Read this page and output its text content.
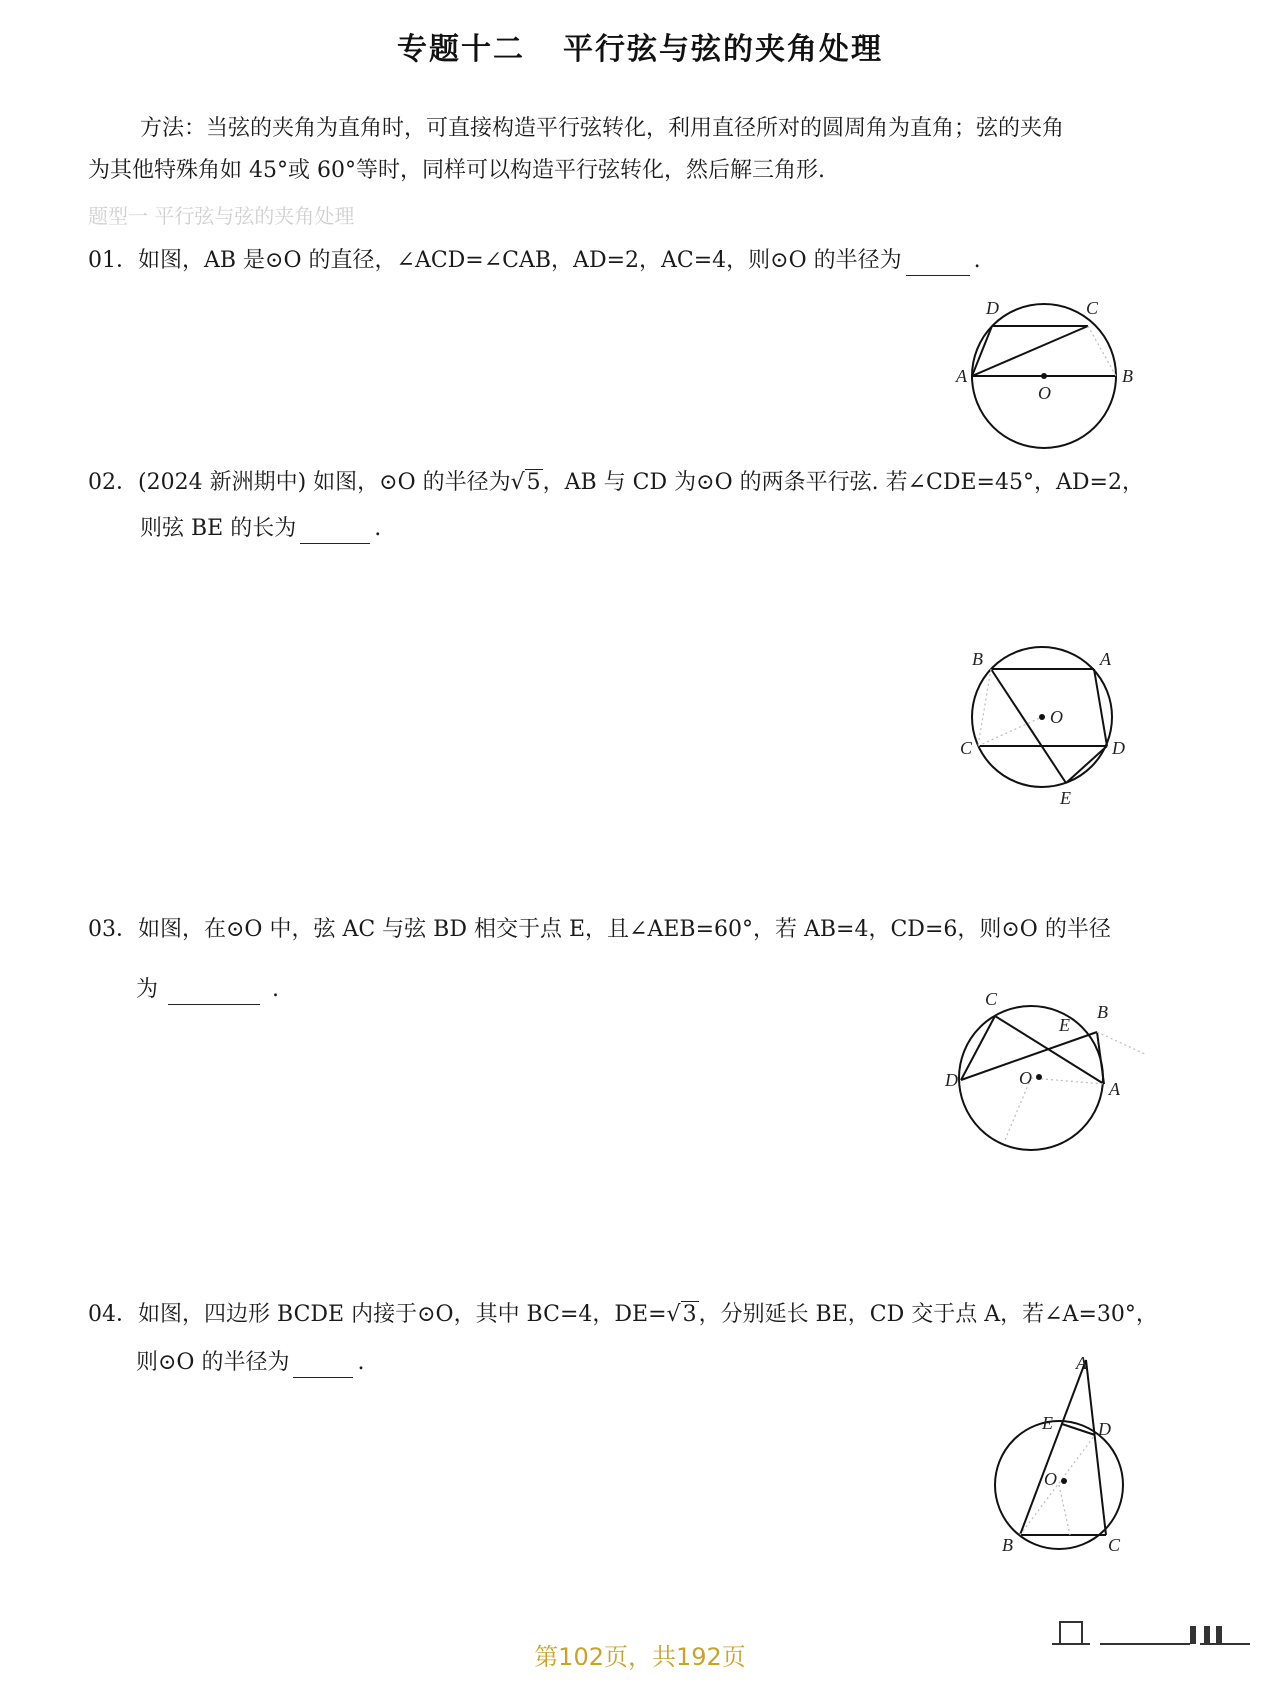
专题十二 平行弦与弦的夹角处理
方法：当弦的夹角为直角时，可直接构造平行弦转化，利用直径所对的圆周角为直角；弦的夹角
为其他特殊角如 45°或 60°等时，同样可以构造平行弦转化，然后解三角形.
题型一 平行弦与弦的夹角处理
01．如图，AB 是⊙O 的直径，∠ACD=∠CAB，AD=2，AC=4，则⊙O 的半径为	.
D	C
A
O
B
02．(2024 新洲期中) 如图，⊙O 的半径为√5，AB 与 CD 为⊙O 的两条平行弦. 若∠CDE=45°，AD=2，
则弦 BE 的长为	.
B	A
O
C	D
E
03．如图，在⊙O 中，弦 AC 与弦 BD 相交于点 E，且∠AEB=60°，若 AB=4，CD=6，则⊙O 的半径
为	.	C
B
E
D	O
A
04．如图，四边形 BCDE 内接于⊙O，其中 BC=4，DE=√3，分别延长 BE，CD 交于点 A，若∠A=30°，
则⊙O 的半径为	.	A
E	D
O
B	C
第102页，共192页
